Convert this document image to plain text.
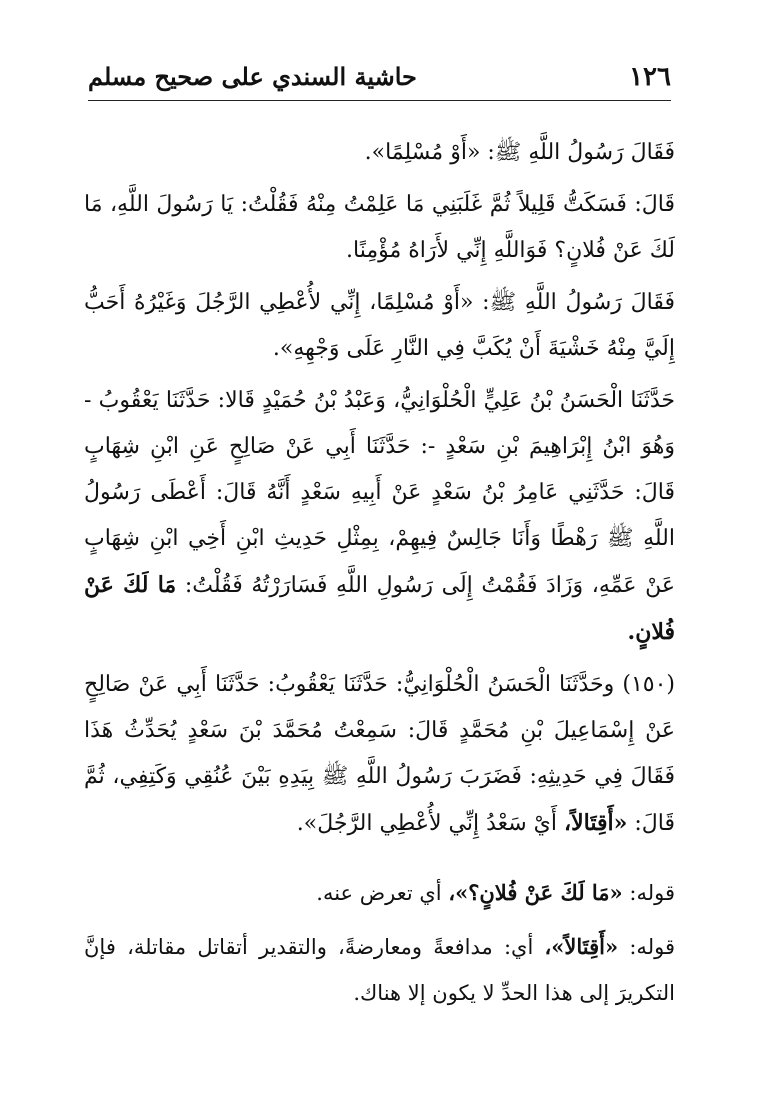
١٢٦
حاشية السندي على صحيح مسلم

فَقَالَ رَسُولُ اللَّهِ ﷺ: «أَوْ مُسْلِمًا».

قَالَ: فَسَكَتُّ قَلِيلاً ثُمَّ غَلَبَنِي مَا عَلِمْتُ مِنْهُ فَقُلْتُ: يَا رَسُولَ اللَّهِ، مَا لَكَ عَنْ فُلانٍ؟ فَوَاللَّهِ إِنِّي لأَرَاهُ مُؤْمِنًا.

فَقَالَ رَسُولُ اللَّهِ ﷺ: «أَوْ مُسْلِمًا، إِنِّي لأُعْطِي الرَّجُلَ وَغَيْرُهُ أَحَبُّ إِلَيَّ مِنْهُ خَشْيَةَ أَنْ يُكَبَّ فِي النَّارِ عَلَى وَجْهِهِ».

حَدَّثَنَا الْحَسَنُ بْنُ عَلِيٍّ الْحُلْوَانِيُّ، وَعَبْدُ بْنُ حُمَيْدٍ قَالا: حَدَّثَنَا يَعْقُوبُ - وَهُوَ ابْنُ إِبْرَاهِيمَ بْنِ سَعْدٍ -: حَدَّثَنَا أَبِي عَنْ صَالِحٍ عَنِ ابْنِ شِهَابٍ قَالَ: حَدَّثَنِي عَامِرُ بْنُ سَعْدٍ عَنْ أَبِيهِ سَعْدٍ أَنَّهُ قَالَ: أَعْطَى رَسُولُ اللَّهِ ﷺ رَهْطًا وَأَنَا جَالِسٌ فِيهِمْ، بِمِثْلِ حَدِيثِ ابْنِ أَخِي ابْنِ شِهَابٍ عَنْ عَمِّهِ، وَزَادَ فَقُمْتُ إِلَى رَسُولِ اللَّهِ فَسَارَرْتُهُ فَقُلْتُ: مَا لَكَ عَنْ فُلانٍ.

(١٥٠) وحَدَّثَنَا الْحَسَنُ الْحُلْوَانِيُّ: حَدَّثَنَا يَعْقُوبُ: حَدَّثَنَا أَبِي عَنْ صَالِحٍ عَنْ إِسْمَاعِيلَ بْنِ مُحَمَّدٍ قَالَ: سَمِعْتُ مُحَمَّدَ بْنَ سَعْدٍ يُحَدِّثُ هَذَا فَقَالَ فِي حَدِيثِهِ: فَضَرَبَ رَسُولُ اللَّهِ ﷺ بِيَدِهِ بَيْنَ عُنُقِي وَكَتِفِي، ثُمَّ قَالَ: «أَقِتَالاً، أَيْ سَعْدُ إِنِّي لأُعْطِي الرَّجُلَ».

قوله: «مَا لَكَ عَنْ فُلانٍ؟»، أي تعرض عنه.

قوله: «أَقِتَالاً»، أي: مدافعةً ومعارضةً، والتقدير أتقاتل مقاتلة، فإنَّ التكريرَ إلى هذا الحدِّ لا يكون إلا هناك.
